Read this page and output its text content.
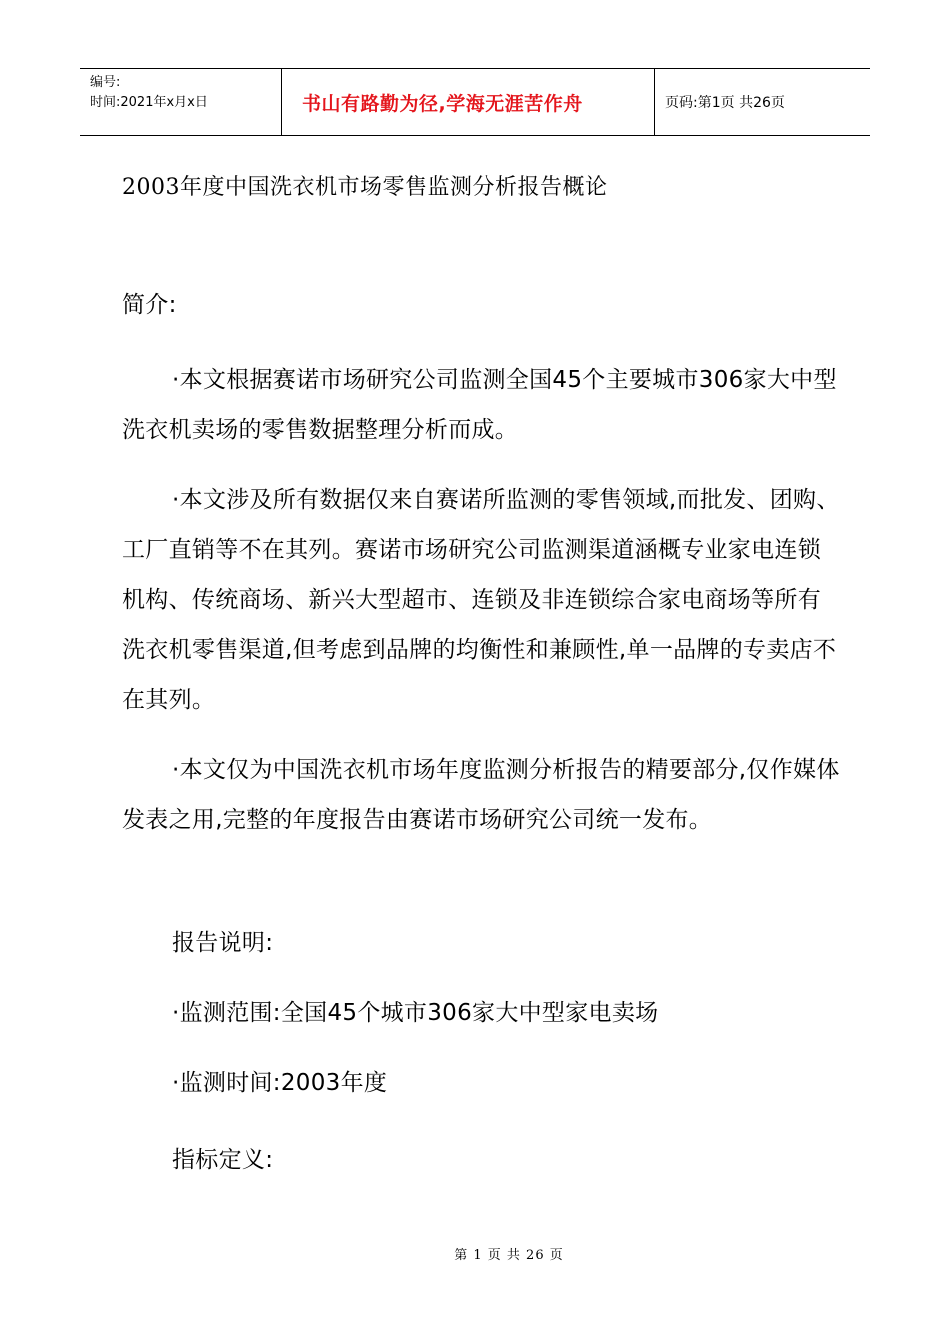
编号:
时间:2021年x月x日	书山有路勤为径,学海无涯苦作舟	页码:第1页 共26页
2003年度中国洗衣机市场零售监测分析报告概论
简介:
·本文根据赛诺市场研究公司监测全国45个主要城市306家大中型洗衣机卖场的零售数据整理分析而成。
·本文涉及所有数据仅来自赛诺所监测的零售领域,而批发、团购、工厂直销等不在其列。赛诺市场研究公司监测渠道涵概专业家电连锁机构、传统商场、新兴大型超市、连锁及非连锁综合家电商场等所有洗衣机零售渠道,但考虑到品牌的均衡性和兼顾性,单一品牌的专卖店不在其列。
·本文仅为中国洗衣机市场年度监测分析报告的精要部分,仅作媒体发表之用,完整的年度报告由赛诺市场研究公司统一发布。
报告说明:
·监测范围:全国45个城市306家大中型家电卖场
·监测时间:2003年度
指标定义:
第 1 页 共 26 页
